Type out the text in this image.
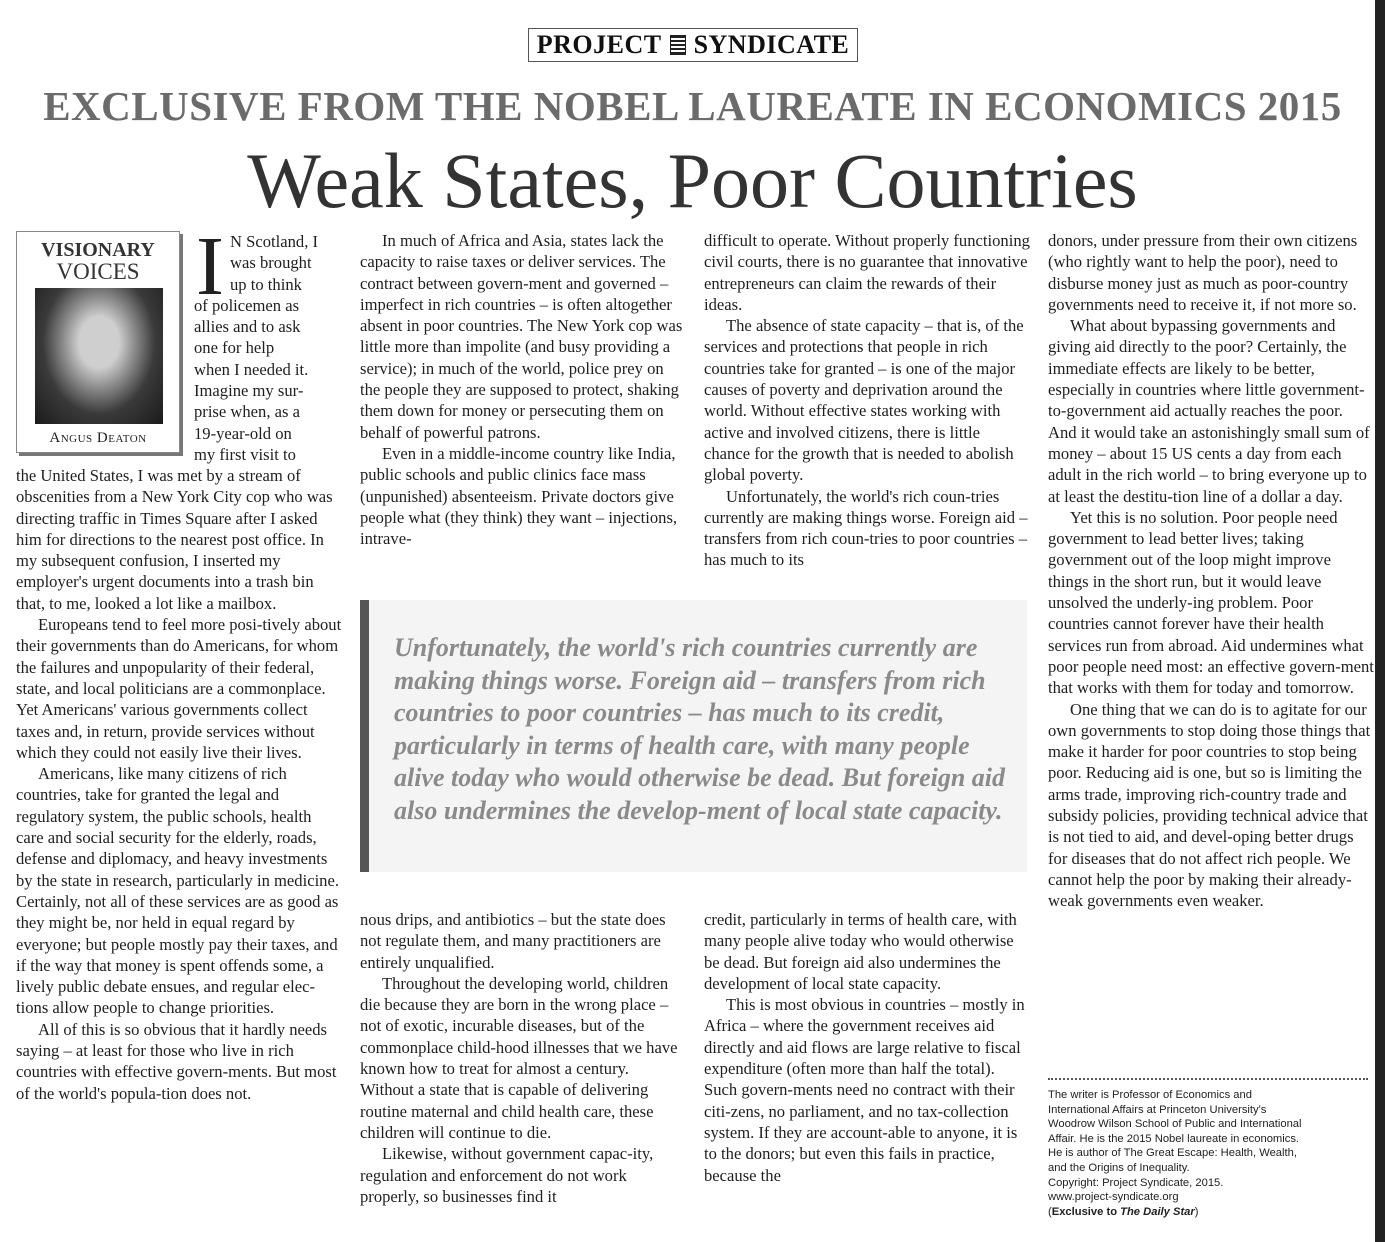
PROJECT SYNDICATE
EXCLUSIVE FROM THE NOBEL LAUREATE IN ECONOMICS 2015
Weak States, Poor Countries
VISIONARY
VOICES
Angus Deaton
I N Scotland, I
was brought
up to think
of policemen as
allies and to ask
one for help
when I needed it.
Imagine my sur-
prise when, as a
19-year-old on
my first visit to

the United States, I was met by a stream of obscenities from a New York City cop who was directing traffic in Times Square after I asked him for directions to the nearest post office. In my subsequent confusion, I inserted my employer's urgent documents into a trash bin that, to me, looked a lot like a mailbox.

Europeans tend to feel more posi-tively about their governments than do Americans, for whom the failures and unpopularity of their federal, state, and local politicians are a commonplace. Yet Americans' various governments collect taxes and, in return, provide services without which they could not easily live their lives.

Americans, like many citizens of rich countries, take for granted the legal and regulatory system, the public schools, health care and social security for the elderly, roads, defense and diplomacy, and heavy investments by the state in research, particularly in medicine. Certainly, not all of these services are as good as they might be, nor held in equal regard by everyone; but people mostly pay their taxes, and if the way that money is spent offends some, a lively public debate ensues, and regular elec-tions allow people to change priorities.

All of this is so obvious that it hardly needs saying – at least for those who live in rich countries with effective govern-ments. But most of the world's popula-tion does not.

In much of Africa and Asia, states lack the capacity to raise taxes or deliver services. The contract between govern-ment and governed – imperfect in rich countries – is often altogether absent in poor countries. The New York cop was little more than impolite (and busy providing a service); in much of the world, police prey on the people they are supposed to protect, shaking them down for money or persecuting them on behalf of powerful patrons.

Even in a middle-income country like India, public schools and public clinics face mass (unpunished) absenteeism. Private doctors give people what (they think) they want – injections, intrave-

difficult to operate. Without properly functioning civil courts, there is no guarantee that innovative entrepreneurs can claim the rewards of their ideas.

The absence of state capacity – that is, of the services and protections that people in rich countries take for granted – is one of the major causes of poverty and deprivation around the world. Without effective states working with active and involved citizens, there is little chance for the growth that is needed to abolish global poverty.

Unfortunately, the world's rich coun-tries currently are making things worse. Foreign aid – transfers from rich coun-tries to poor countries – has much to its

Unfortunately, the world's rich countries currently are making things worse. Foreign aid – transfers from rich countries to poor countries – has much to its credit, particularly in terms of health care, with many people alive today who would otherwise be dead. But foreign aid also undermines the develop-ment of local state capacity.

nous drips, and antibiotics – but the state does not regulate them, and many practitioners are entirely unqualified.

Throughout the developing world, children die because they are born in the wrong place – not of exotic, incurable diseases, but of the commonplace child-hood illnesses that we have known how to treat for almost a century. Without a state that is capable of delivering routine maternal and child health care, these children will continue to die.

Likewise, without government capac-ity, regulation and enforcement do not work properly, so businesses find it

credit, particularly in terms of health care, with many people alive today who would otherwise be dead. But foreign aid also undermines the development of local state capacity.

This is most obvious in countries – mostly in Africa – where the government receives aid directly and aid flows are large relative to fiscal expenditure (often more than half the total). Such govern-ments need no contract with their citi-zens, no parliament, and no tax-collection system. If they are account-able to anyone, it is to the donors; but even this fails in practice, because the

donors, under pressure from their own citizens (who rightly want to help the poor), need to disburse money just as much as poor-country governments need to receive it, if not more so.

What about bypassing governments and giving aid directly to the poor? Certainly, the immediate effects are likely to be better, especially in countries where little government-to-government aid actually reaches the poor. And it would take an astonishingly small sum of money – about 15 US cents a day from each adult in the rich world – to bring everyone up to at least the destitu-tion line of a dollar a day.

Yet this is no solution. Poor people need government to lead better lives; taking government out of the loop might improve things in the short run, but it would leave unsolved the underly-ing problem. Poor countries cannot forever have their health services run from abroad. Aid undermines what poor people need most: an effective govern-ment that works with them for today and tomorrow.

One thing that we can do is to agitate for our own governments to stop doing those things that make it harder for poor countries to stop being poor. Reducing aid is one, but so is limiting the arms trade, improving rich-country trade and subsidy policies, providing technical advice that is not tied to aid, and devel-oping better drugs for diseases that do not affect rich people. We cannot help the poor by making their already-weak governments even weaker.

The writer is Professor of Economics and
International Affairs at Princeton University's
Woodrow Wilson School of Public and International
Affair. He is the 2015 Nobel laureate in economics.
He is author of The Great Escape: Health, Wealth,
and the Origins of Inequality.
Copyright: Project Syndicate, 2015.
www.project-syndicate.org
(Exclusive to The Daily Star)
